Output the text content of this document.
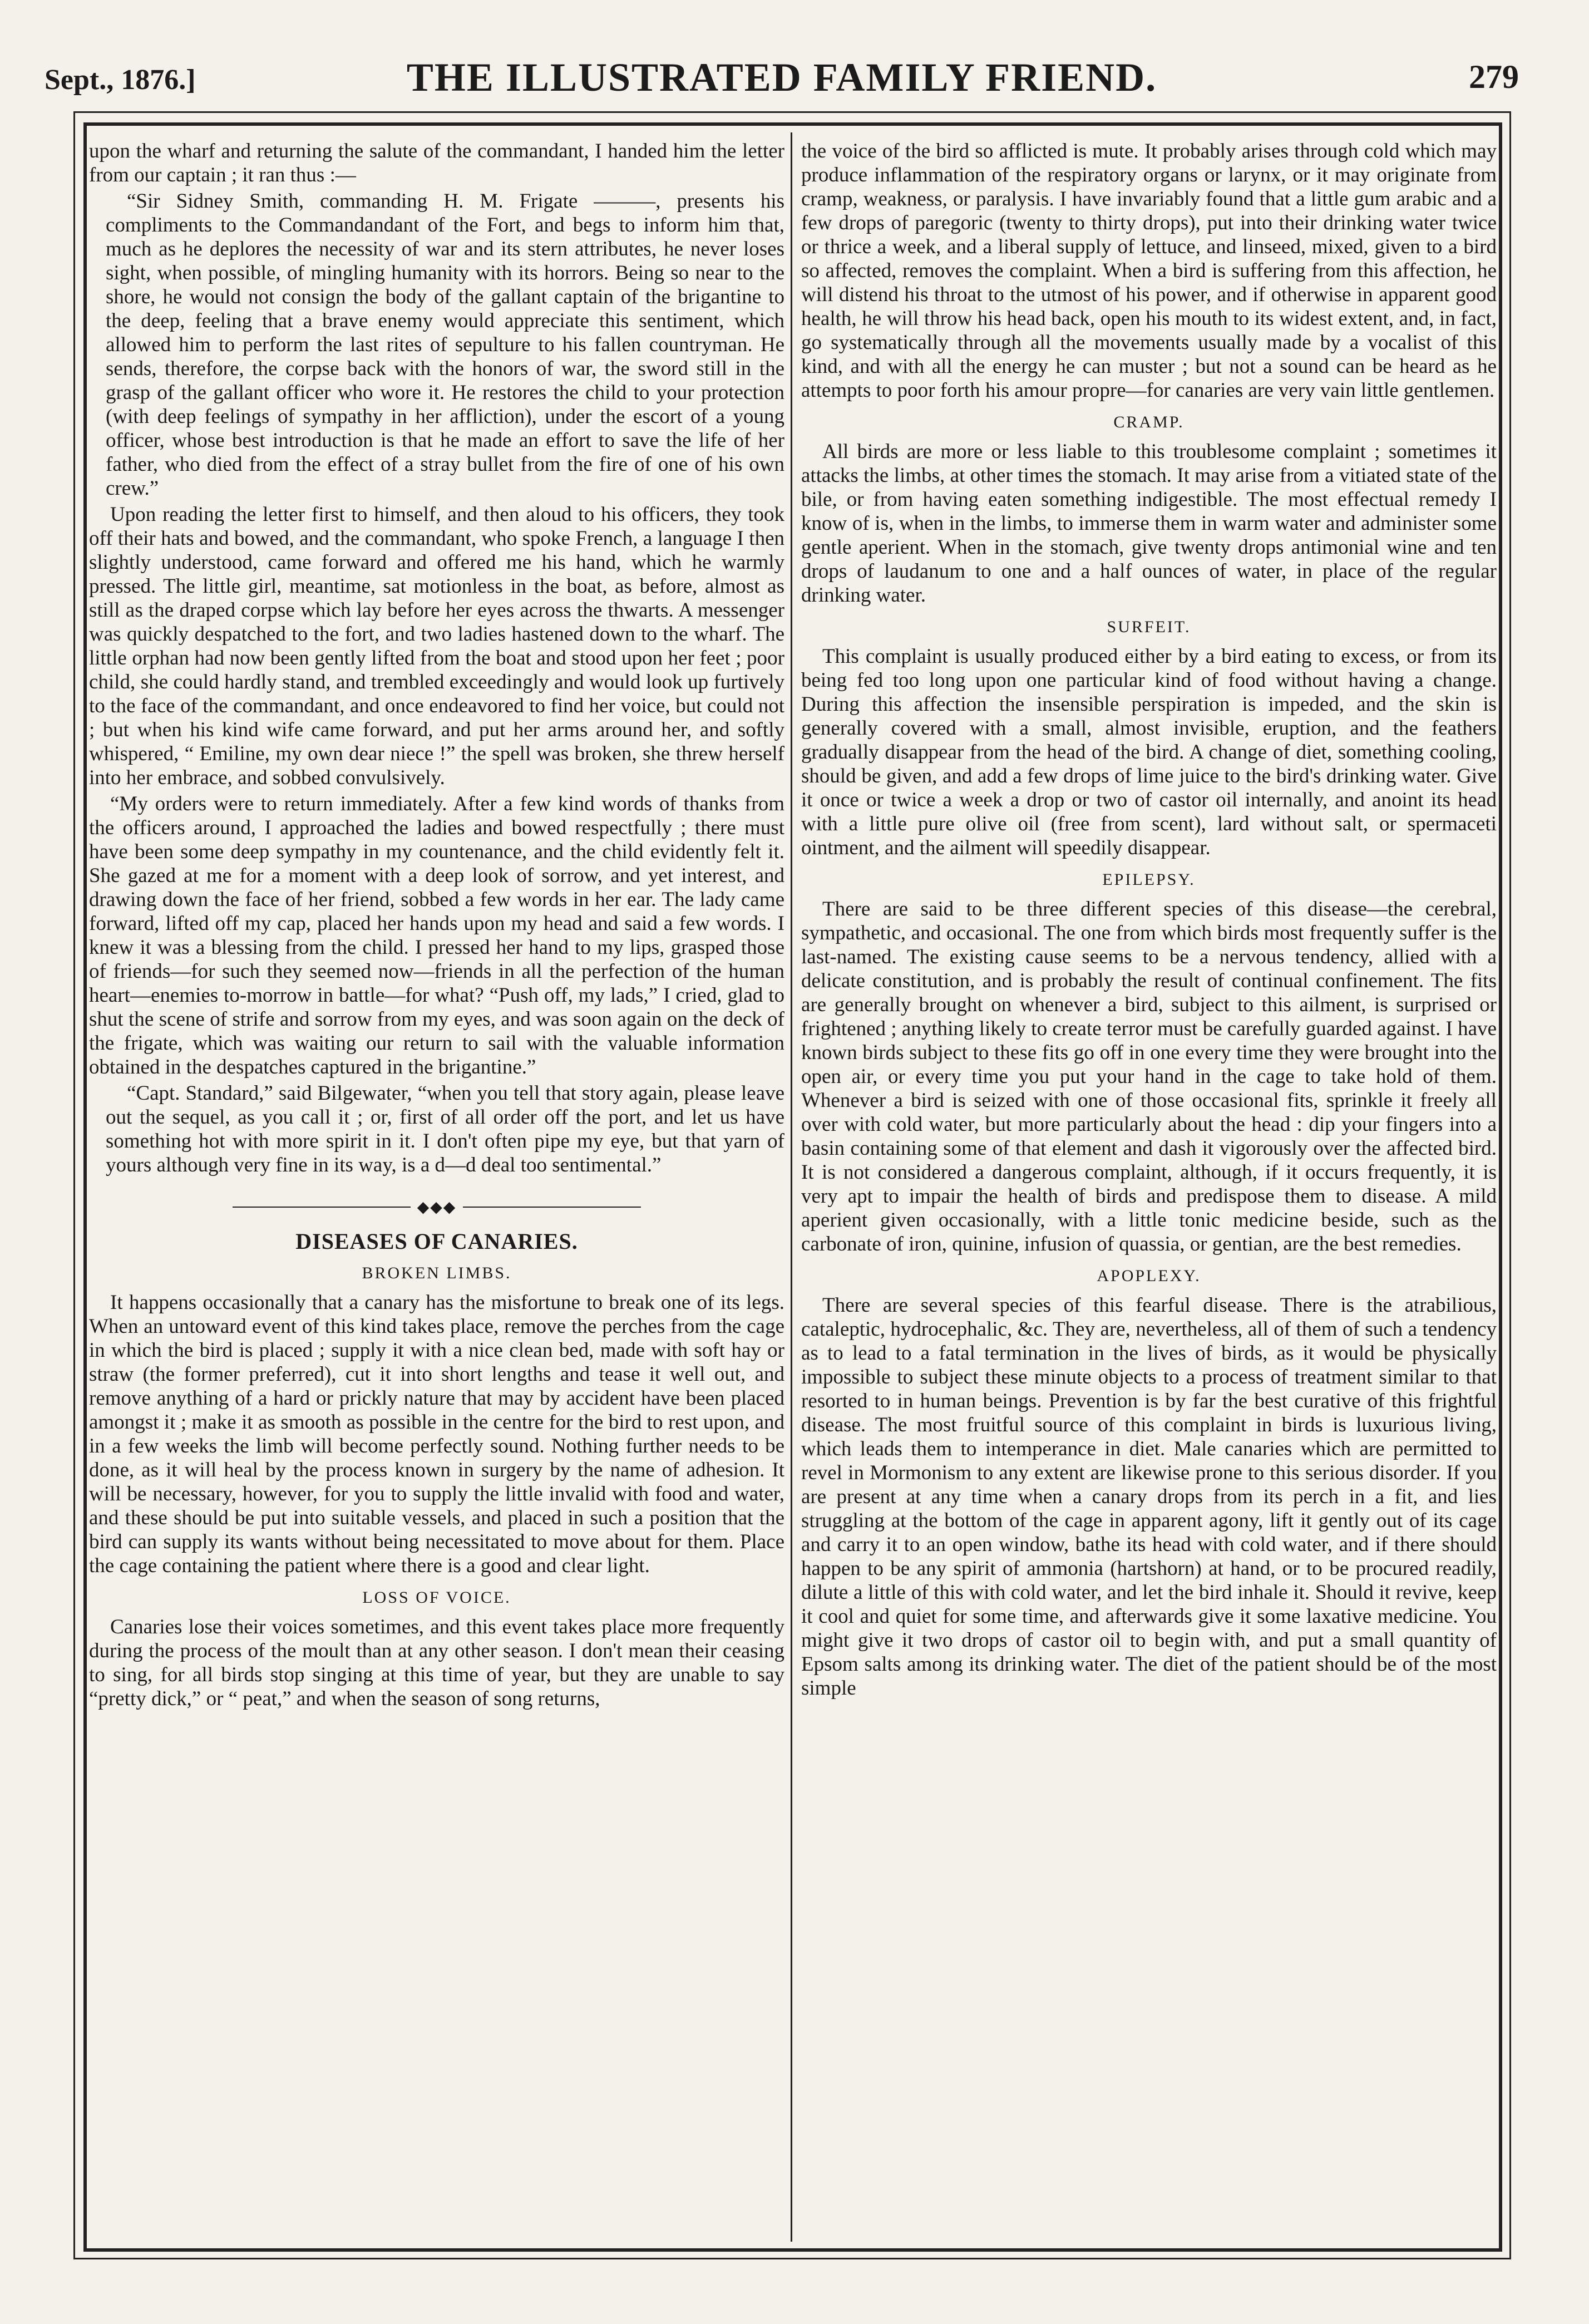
Sept., 1876.]	THE ILLUSTRATED FAMILY FRIEND.	279

upon the wharf and returning the salute of the commandant, I handed him the letter from our captain ; it ran thus :—

“Sir Sidney Smith, commanding H. M. Frigate ———, presents his compliments to the Commandandant of the Fort, and begs to inform him that, much as he deplores the necessity of war and its stern attributes, he never loses sight, when possible, of mingling humanity with its horrors. Being so near to the shore, he would not consign the body of the gallant captain of the brigantine to the deep, feeling that a brave enemy would appreciate this sentiment, which allowed him to perform the last rites of sepulture to his fallen countryman. He sends, therefore, the corpse back with the honors of war, the sword still in the grasp of the gallant officer who wore it. He restores the child to your protection (with deep feelings of sympathy in her affliction), under the escort of a young officer, whose best introduction is that he made an effort to save the life of her father, who died from the effect of a stray bullet from the fire of one of his own crew.”

Upon reading the letter first to himself, and then aloud to his officers, they took off their hats and bowed, and the commandant, who spoke French, a language I then slightly understood, came forward and offered me his hand, which he warmly pressed. The little girl, meantime, sat motionless in the boat, as before, almost as still as the draped corpse which lay before her eyes across the thwarts. A messenger was quickly despatched to the fort, and two ladies hastened down to the wharf. The little orphan had now been gently lifted from the boat and stood upon her feet ; poor child, she could hardly stand, and trembled exceedingly and would look up furtively to the face of the commandant, and once endeavored to find her voice, but could not ; but when his kind wife came forward, and put her arms around her, and softly whispered, “ Emiline, my own dear niece !” the spell was broken, she threw herself into her embrace, and sobbed convulsively.

“My orders were to return immediately. After a few kind words of thanks from the officers around, I approached the ladies and bowed respectfully ; there must have been some deep sympathy in my countenance, and the child evidently felt it. She gazed at me for a moment with a deep look of sorrow, and yet interest, and drawing down the face of her friend, sobbed a few words in her ear. The lady came forward, lifted off my cap, placed her hands upon my head and said a few words. I knew it was a blessing from the child. I pressed her hand to my lips, grasped those of friends—for such they seemed now—friends in all the perfection of the human heart—enemies to-morrow in battle—for what? “Push off, my lads,” I cried, glad to shut the scene of strife and sorrow from my eyes, and was soon again on the deck of the frigate, which was waiting our return to sail with the valuable information obtained in the despatches captured in the brigantine.”

“Capt. Standard,” said Bilgewater, “when you tell that story again, please leave out the sequel, as you call it ; or, first of all order off the port, and let us have something hot with more spirit in it. I don't often pipe my eye, but that yarn of yours although very fine in its way, is a d—d deal too sentimental.”

◆◆◆
DISEASES OF CANARIES.
BROKEN LIMBS.

It happens occasionally that a canary has the misfortune to break one of its legs. When an untoward event of this kind takes place, remove the perches from the cage in which the bird is placed ; supply it with a nice clean bed, made with soft hay or straw (the former preferred), cut it into short lengths and tease it well out, and remove anything of a hard or prickly nature that may by accident have been placed amongst it ; make it as smooth as possible in the centre for the bird to rest upon, and in a few weeks the limb will become perfectly sound. Nothing further needs to be done, as it will heal by the process known in surgery by the name of adhesion. It will be necessary, however, for you to supply the little invalid with food and water, and these should be put into suitable vessels, and placed in such a position that the bird can supply its wants without being necessitated to move about for them. Place the cage containing the patient where there is a good and clear light.

LOSS OF VOICE.

Canaries lose their voices sometimes, and this event takes place more frequently during the process of the moult than at any other season. I don't mean their ceasing to sing, for all birds stop singing at this time of year, but they are unable to say “pretty dick,” or “ peat,” and when the season of song returns,

the voice of the bird so afflicted is mute. It probably arises through cold which may produce inflammation of the respiratory organs or larynx, or it may originate from cramp, weakness, or paralysis. I have invariably found that a little gum arabic and a few drops of paregoric (twenty to thirty drops), put into their drinking water twice or thrice a week, and a liberal supply of lettuce, and linseed, mixed, given to a bird so affected, removes the complaint. When a bird is suffering from this affection, he will distend his throat to the utmost of his power, and if otherwise in apparent good health, he will throw his head back, open his mouth to its widest extent, and, in fact, go systematically through all the movements usually made by a vocalist of this kind, and with all the energy he can muster ; but not a sound can be heard as he attempts to poor forth his amour propre—for canaries are very vain little gentlemen.

CRAMP.

All birds are more or less liable to this troublesome complaint ; sometimes it attacks the limbs, at other times the stomach. It may arise from a vitiated state of the bile, or from having eaten something indigestible. The most effectual remedy I know of is, when in the limbs, to immerse them in warm water and administer some gentle aperient. When in the stomach, give twenty drops antimonial wine and ten drops of laudanum to one and a half ounces of water, in place of the regular drinking water.

SURFEIT.

This complaint is usually produced either by a bird eating to excess, or from its being fed too long upon one particular kind of food without having a change. During this affection the insensible perspiration is impeded, and the skin is generally covered with a small, almost invisible, eruption, and the feathers gradually disappear from the head of the bird. A change of diet, something cooling, should be given, and add a few drops of lime juice to the bird's drinking water. Give it once or twice a week a drop or two of castor oil internally, and anoint its head with a little pure olive oil (free from scent), lard without salt, or spermaceti ointment, and the ailment will speedily disappear.

EPILEPSY.

There are said to be three different species of this disease—the cerebral, sympathetic, and occasional. The one from which birds most frequently suffer is the last-named. The existing cause seems to be a nervous tendency, allied with a delicate constitution, and is probably the result of continual confinement. The fits are generally brought on whenever a bird, subject to this ailment, is surprised or frightened ; anything likely to create terror must be carefully guarded against. I have known birds subject to these fits go off in one every time they were brought into the open air, or every time you put your hand in the cage to take hold of them. Whenever a bird is seized with one of those occasional fits, sprinkle it freely all over with cold water, but more particularly about the head : dip your fingers into a basin containing some of that element and dash it vigorously over the affected bird. It is not considered a dangerous complaint, although, if it occurs frequently, it is very apt to impair the health of birds and predispose them to disease. A mild aperient given occasionally, with a little tonic medicine beside, such as the carbonate of iron, quinine, infusion of quassia, or gentian, are the best remedies.

APOPLEXY.

There are several species of this fearful disease. There is the atrabilious, cataleptic, hydrocephalic, &c. They are, nevertheless, all of them of such a tendency as to lead to a fatal termination in the lives of birds, as it would be physically impossible to subject these minute objects to a process of treatment similar to that resorted to in human beings. Prevention is by far the best curative of this frightful disease. The most fruitful source of this complaint in birds is luxurious living, which leads them to intemperance in diet. Male canaries which are permitted to revel in Mormonism to any extent are likewise prone to this serious disorder. If you are present at any time when a canary drops from its perch in a fit, and lies struggling at the bottom of the cage in apparent agony, lift it gently out of its cage and carry it to an open window, bathe its head with cold water, and if there should happen to be any spirit of ammonia (hartshorn) at hand, or to be procured readily, dilute a little of this with cold water, and let the bird inhale it. Should it revive, keep it cool and quiet for some time, and afterwards give it some laxative medicine. You might give it two drops of castor oil to begin with, and put a small quantity of Epsom salts among its drinking water. The diet of the patient should be of the most simple
